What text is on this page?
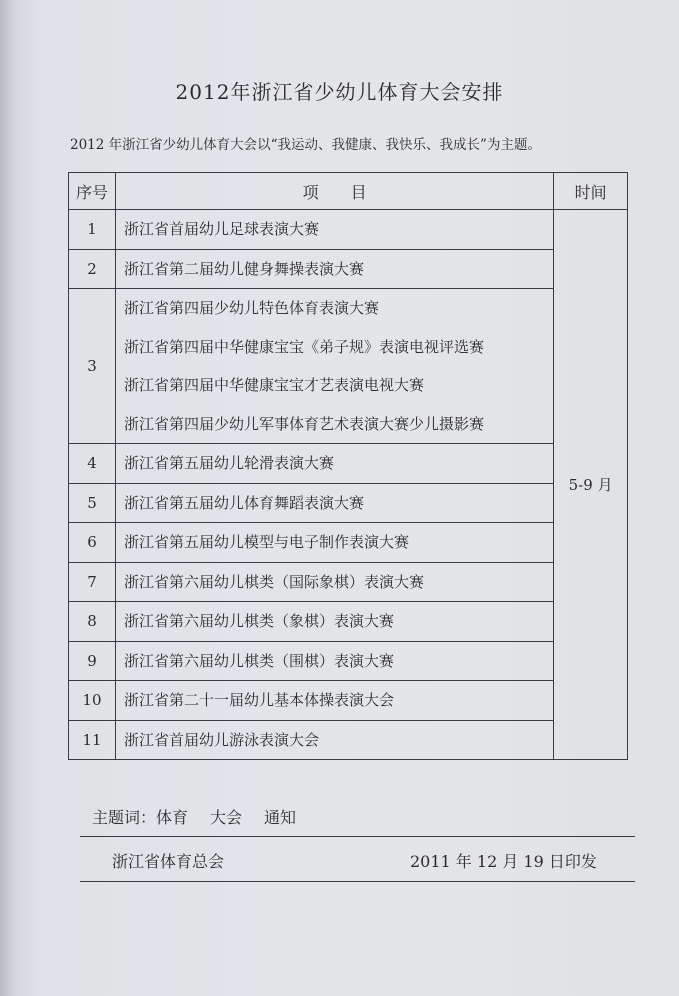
2012年浙江省少幼儿体育大会安排
2012 年浙江省少幼儿体育大会以“我运动、我健康、我快乐、我成长”为主题。
序号	项　　目	时间
1	浙江省首届幼儿足球表演大赛	5-9 月
2	浙江省第二届幼儿健身舞操表演大赛	

3	浙江省第四届少幼儿特色体育表演大赛
浙江省第四届中华健康宝宝《弟子规》表演电视评选赛
浙江省第四届中华健康宝宝才艺表演电视大赛
浙江省第四届少幼儿军事体育艺术表演大赛少儿摄影赛	

4	浙江省第五届幼儿轮滑表演大赛	

5	浙江省第五届幼儿体育舞蹈表演大赛	

6	浙江省第五届幼儿模型与电子制作表演大赛	

7	浙江省第六届幼儿棋类（国际象棋）表演大赛	

8	浙江省第六届幼儿棋类（象棋）表演大赛	

9	浙江省第六届幼儿棋类（围棋）表演大赛	

10	浙江省第二十一届幼儿基本体操表演大会	

11	浙江省首届幼儿游泳表演大会	
主题词：体育 大会 通知
浙江省体育总会	2011 年 12 月 19 日印发
